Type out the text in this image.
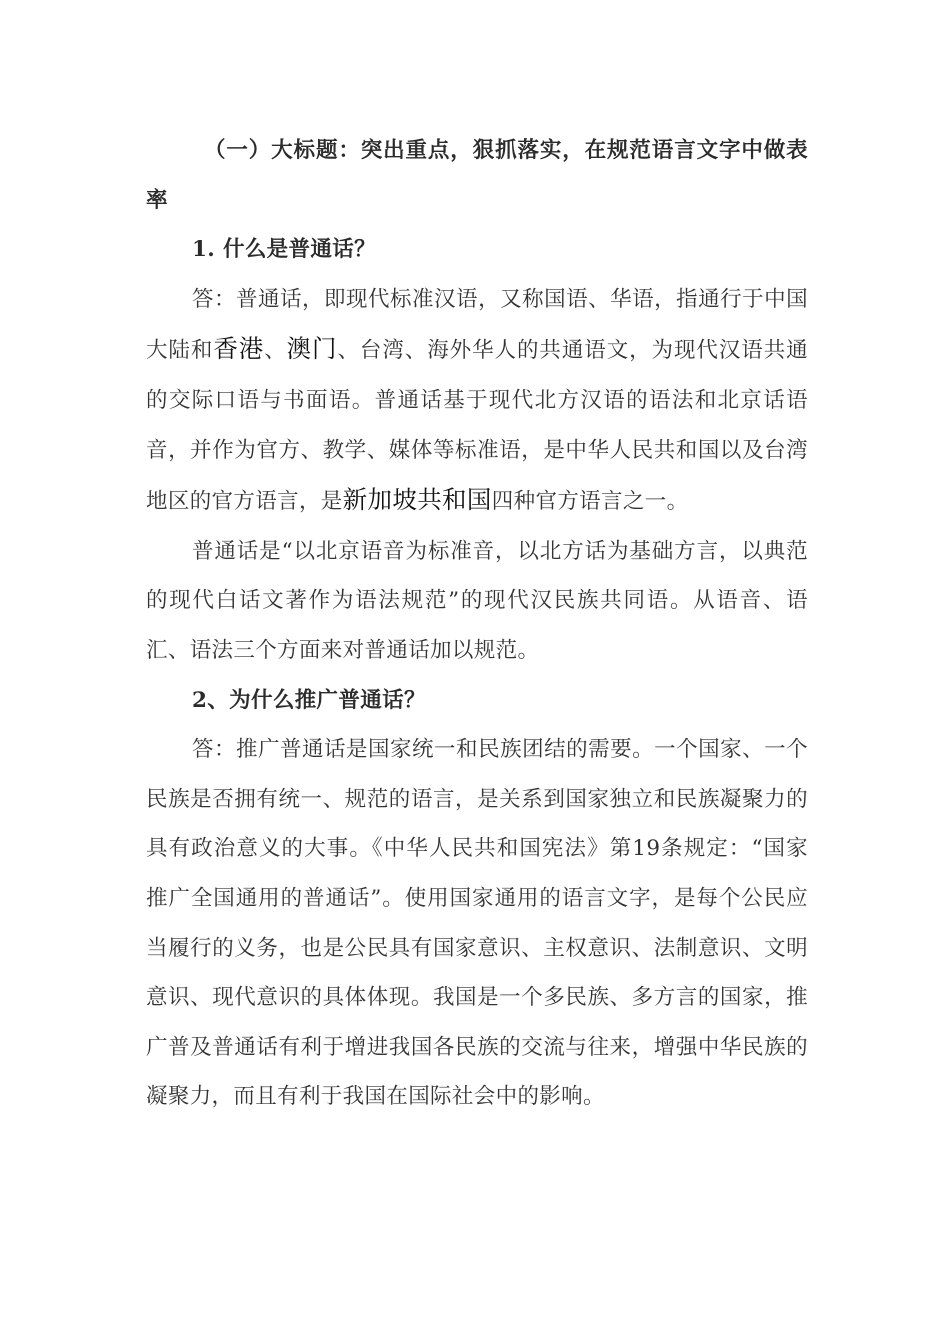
（一）大标题：突出重点，狠抓落实，在规范语言文字中做表率

1. 什么是普通话？

答：普通话，即现代标准汉语，又称国语、华语，指通行于中国大陆和香港、澳门、台湾、海外华人的共通语文，为现代汉语共通的交际口语与书面语。普通话基于现代北方汉语的语法和北京话语音，并作为官方、教学、媒体等标准语，是中华人民共和国以及台湾地区的官方语言，是新加坡共和国四种官方语言之一。

普通话是“以北京语音为标准音，以北方话为基础方言，以典范的现代白话文著作为语法规范”的现代汉民族共同语。从语音、语汇、语法三个方面来对普通话加以规范。

2、为什么推广普通话？

答：推广普通话是国家统一和民族团结的需要。一个国家、一个民族是否拥有统一、规范的语言，是关系到国家独立和民族凝聚力的具有政治意义的大事。《中华人民共和国宪法》第19条规定：“国家推广全国通用的普通话”。使用国家通用的语言文字，是每个公民应当履行的义务，也是公民具有国家意识、主权意识、法制意识、文明意识、现代意识的具体体现。我国是一个多民族、多方言的国家，推广普及普通话有利于增进我国各民族的交流与往来，增强中华民族的凝聚力，而且有利于我国在国际社会中的影响。
